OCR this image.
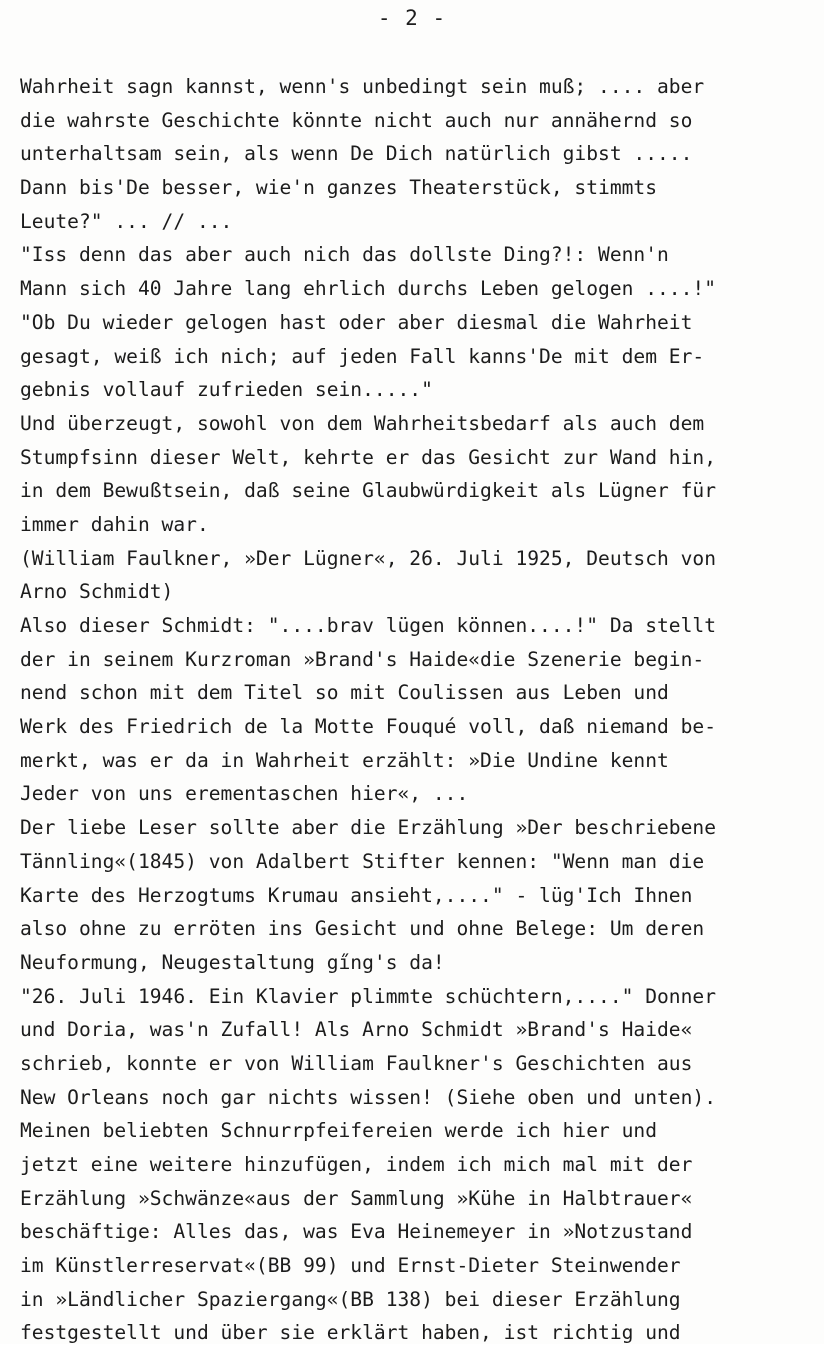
- 2 -
Wahrheit sagn kannst, wenn's unbedingt sein muß; .... aber
die wahrste Geschichte könnte nicht auch nur annähernd so
unterhaltsam sein, als wenn De Dich natürlich gibst .....
Dann bis'De besser, wie'n ganzes Theaterstück, stimmts
Leute?" ... // ...
"Iss denn das aber auch nich das dollste Ding?!: Wenn'n
Mann sich 40 Jahre lang ehrlich durchs Leben gelogen ....!"
"Ob Du wieder gelogen hast oder aber diesmal die Wahrheit
gesagt, weiß ich nich; auf jeden Fall kanns'De mit dem Er-
gebnis vollauf zufrieden sein....."
Und überzeugt, sowohl von dem Wahrheitsbedarf als auch dem
Stumpfsinn dieser Welt, kehrte er das Gesicht zur Wand hin,
in dem Bewußtsein, daß seine Glaubwürdigkeit als Lügner für
immer dahin war.
(William Faulkner, »Der Lügner«, 26. Juli 1925, Deutsch von
Arno Schmidt)
Also dieser Schmidt: "....brav lügen können....!" Da stellt
der in seinem Kurzroman »Brand's Haide«die Szenerie begin-
nend schon mit dem Titel so mit Coulissen aus Leben und
Werk des Friedrich de la Motte Fouqué voll, daß niemand be-
merkt, was er da in Wahrheit erzählt: »Die Undine kennt
Jeder von uns erementaschen hier«, ...
Der liebe Leser sollte aber die Erzählung »Der beschriebene
Tännling«(1845) von Adalbert Stifter kennen: "Wenn man die
Karte des Herzogtums Krumau ansieht,...." - lüg'Ich Ihnen
also ohne zu erröten ins Gesicht und ohne Belege: Um deren
Neuformung, Neugestaltung gi̋ng's da!
"26. Juli 1946. Ein Klavier plimmte schüchtern,...." Donner
und Doria, was'n Zufall! Als Arno Schmidt »Brand's Haide«
schrieb, konnte er von William Faulkner's Geschichten aus
New Orleans noch gar nichts wissen! (Siehe oben und unten).
Meinen beliebten Schnurrpfeifereien werde ich hier und
jetzt eine weitere hinzufügen, indem ich mich mal mit der
Erzählung »Schwänze«aus der Sammlung »Kühe in Halbtrauer«
beschäftige: Alles das, was Eva Heinemeyer in »Notzustand
im Künstlerreservat«(BB 99) und Ernst-Dieter Steinwender
in »Ländlicher Spaziergang«(BB 138) bei dieser Erzählung
festgestellt und über sie erklärt haben, ist richtig und
